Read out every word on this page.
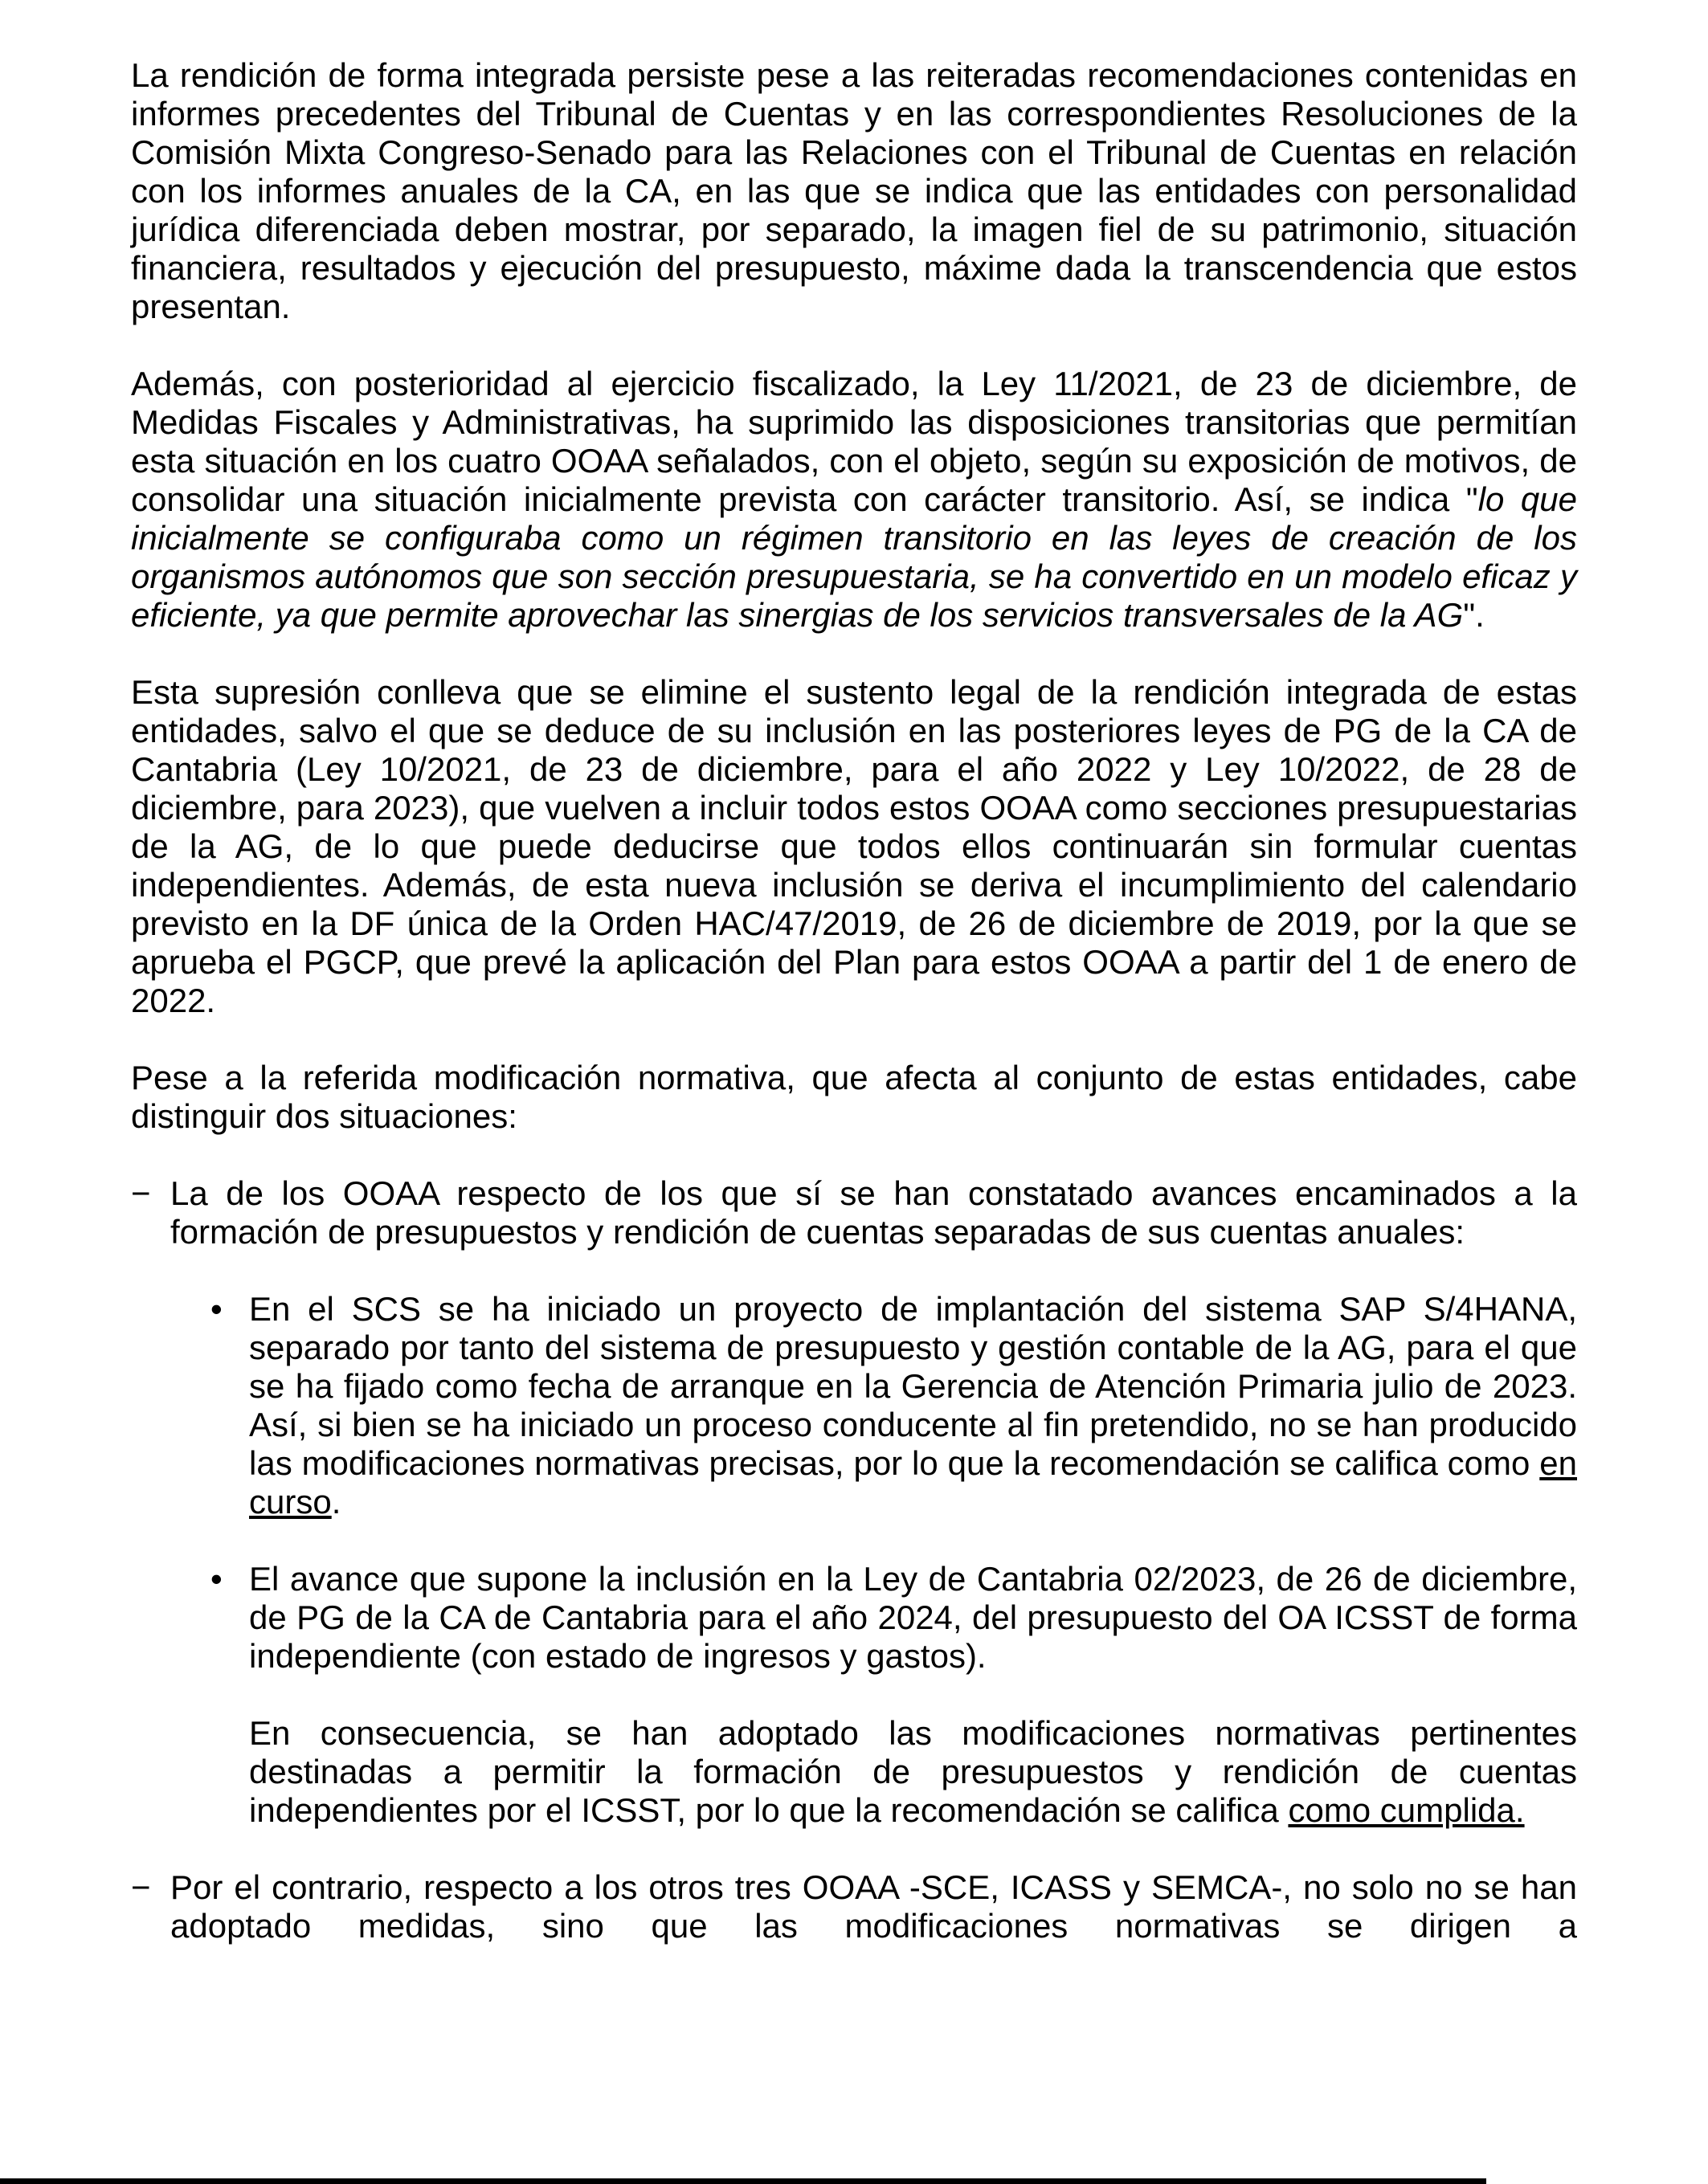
La rendición de forma integrada persiste pese a las reiteradas recomendaciones contenidas en informes precedentes del Tribunal de Cuentas y en las correspondientes Resoluciones de la Comisión Mixta Congreso-Senado para las Relaciones con el Tribunal de Cuentas en relación con los informes anuales de la CA, en las que se indica que las entidades con personalidad jurídica diferenciada deben mostrar, por separado, la imagen fiel de su patrimonio, situación financiera, resultados y ejecución del presupuesto, máxime dada la transcendencia que estos presentan.

Además, con posterioridad al ejercicio fiscalizado, la Ley 11/2021, de 23 de diciembre, de Medidas Fiscales y Administrativas, ha suprimido las disposiciones transitorias que permitían esta situación en los cuatro OOAA señalados, con el objeto, según su exposición de motivos, de consolidar una situación inicialmente prevista con carácter transitorio. Así, se indica "lo que inicialmente se configuraba como un régimen transitorio en las leyes de creación de los organismos autónomos que son sección presupuestaria, se ha convertido en un modelo eficaz y eficiente, ya que permite aprovechar las sinergias de los servicios transversales de la AG".

Esta supresión conlleva que se elimine el sustento legal de la rendición integrada de estas entidades, salvo el que se deduce de su inclusión en las posteriores leyes de PG de la CA de Cantabria (Ley 10/2021, de 23 de diciembre, para el año 2022 y Ley 10/2022, de 28 de diciembre, para 2023), que vuelven a incluir todos estos OOAA como secciones presupuestarias de la AG, de lo que puede deducirse que todos ellos continuarán sin formular cuentas independientes. Además, de esta nueva inclusión se deriva el incumplimiento del calendario previsto en la DF única de la Orden HAC/47/2019, de 26 de diciembre de 2019, por la que se aprueba el PGCP, que prevé la aplicación del Plan para estos OOAA a partir del 1 de enero de 2022.

Pese a la referida modificación normativa, que afecta al conjunto de estas entidades, cabe distinguir dos situaciones:

− La de los OOAA respecto de los que sí se han constatado avances encaminados a la formación de presupuestos y rendición de cuentas separadas de sus cuentas anuales:
• En el SCS se ha iniciado un proyecto de implantación del sistema SAP S/4HANA, separado por tanto del sistema de presupuesto y gestión contable de la AG, para el que se ha fijado como fecha de arranque en la Gerencia de Atención Primaria julio de 2023. Así, si bien se ha iniciado un proceso conducente al fin pretendido, no se han producido las modificaciones normativas precisas, por lo que la recomendación se califica como en curso.
• El avance que supone la inclusión en la Ley de Cantabria 02/2023, de 26 de diciembre, de PG de la CA de Cantabria para el año 2024, del presupuesto del OA ICSST de forma independiente (con estado de ingresos y gastos).

En consecuencia, se han adoptado las modificaciones normativas pertinentes destinadas a permitir la formación de presupuestos y rendición de cuentas independientes por el ICSST, por lo que la recomendación se califica como cumplida.

− Por el contrario, respecto a los otros tres OOAA -SCE, ICASS y SEMCA-, no solo no se han adoptado medidas, sino que las modificaciones normativas se dirigen a
